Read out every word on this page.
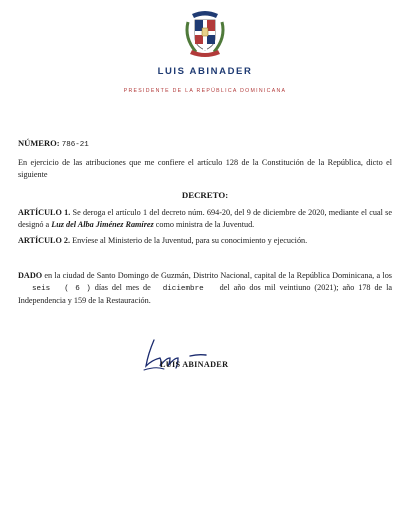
LUIS ABINADER
PRESIDENTE DE LA REPÚBLICA DOMINICANA
NÚMERO: 786-21
En ejercicio de las atribuciones que me confiere el artículo 128 de la Constitución de la República, dicto el siguiente
DECRETO:
ARTÍCULO 1. Se deroga el artículo 1 del decreto núm. 694-20, del 9 de diciembre de 2020, mediante el cual se designó a Luz del Alba Jiménez Ramírez como ministra de la Juventud.
ARTÍCULO 2. Envíese al Ministerio de la Juventud, para su conocimiento y ejecución.
DADO en la ciudad de Santo Domingo de Guzmán, Distrito Nacional, capital de la República Dominicana, a los seis ( 6 ) días del mes de diciembre del año dos mil veintiuno (2021); año 178 de la Independencia y 159 de la Restauración.
LUIS ABINADER
